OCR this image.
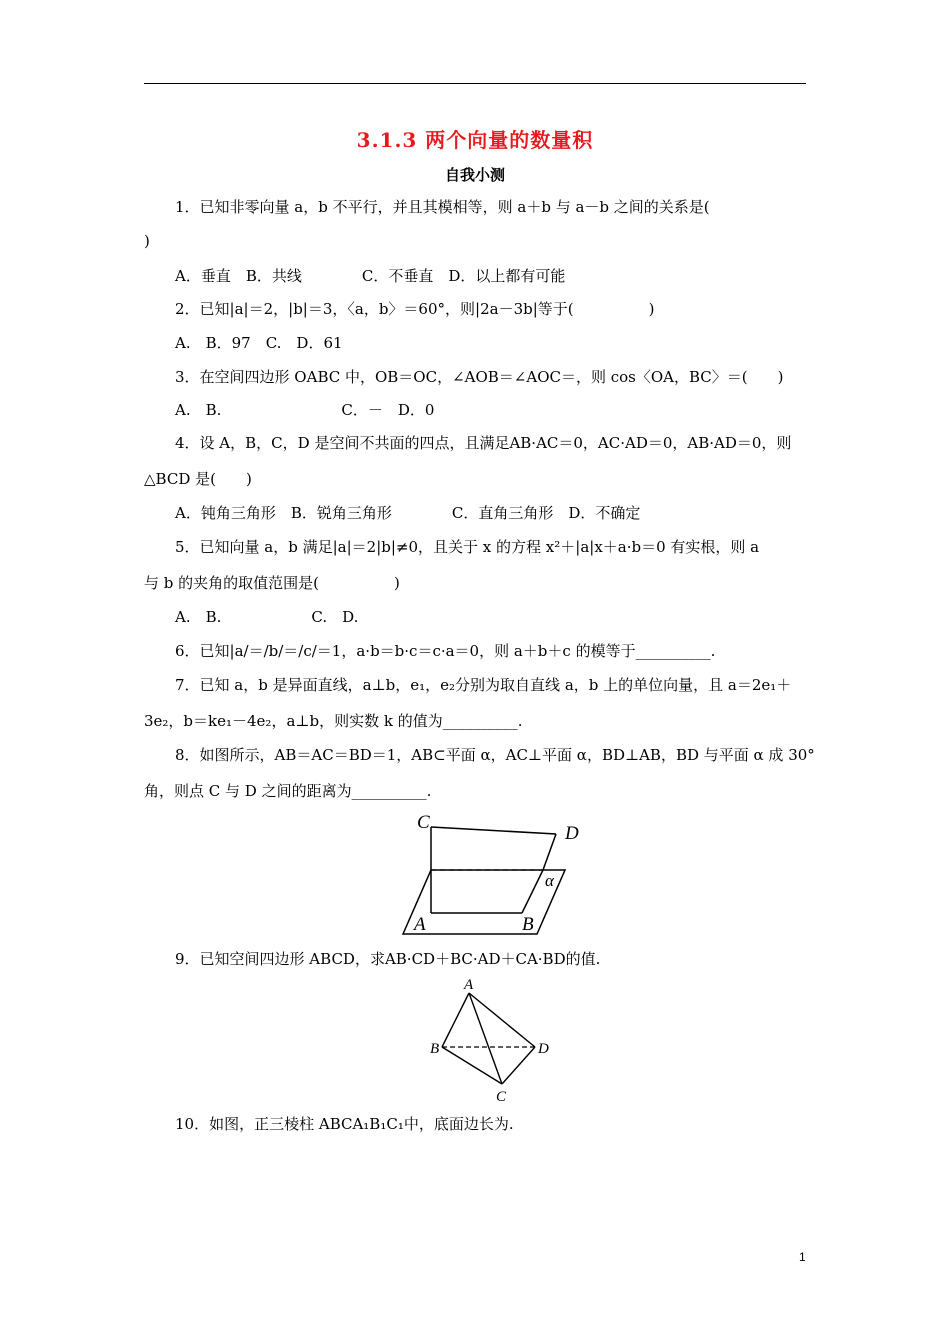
3.1.3 两个向量的数量积
自我小测
1．已知非零向量 a，b 不平行，并且其模相等，则 a＋b 与 a－b 之间的关系是(
)
A．垂直　B．共线　　　　C．不垂直　D．以上都有可能
2．已知|a|＝2，|b|＝3，〈a，b〉＝60°，则|2a－3b|等于(　　　　　)
A.　B．97　C.　D．61
3．在空间四边形 OABC 中，OB＝OC，∠AOB＝∠AOC＝，则 cos〈OA，BC〉＝(　　)
A.　B.　　　　　　　　C．－　D．0
4．设 A，B，C，D 是空间不共面的四点，且满足AB·AC＝0，AC·AD＝0，AB·AD＝0，则
△BCD 是(　　)
A．钝角三角形　B．锐角三角形　　　　C．直角三角形　D．不确定
5．已知向量 a，b 满足|a|＝2|b|≠0，且关于 x 的方程 x²＋|a|x＋a·b＝0 有实根，则 a
与 b 的夹角的取值范围是(　　　　　)
A.　B.　　　　　　C.　D.
6．已知|a/＝/b/＝/c/＝1，a·b＝b·c＝c·a＝0，则 a＋b＋c 的模等于__________.
7．已知 a，b 是异面直线，a⊥b，e₁，e₂分别为取自直线 a，b 上的单位向量，且 a＝2e₁＋
3e₂，b＝ke₁－4e₂，a⊥b，则实数 k 的值为__________.
8．如图所示，AB＝AC＝BD＝1，AB⊂平面 α，AC⊥平面 α，BD⊥AB，BD 与平面 α 成 30°
角，则点 C 与 D 之间的距离为__________.
C
D
A	B
α
9．已知空间四边形 ABCD，求AB·CD＋BC·AD＋CA·BD的值.
A
B	D
C
10．如图，正三棱柱 ABCA₁B₁C₁中，底面边长为.
1
